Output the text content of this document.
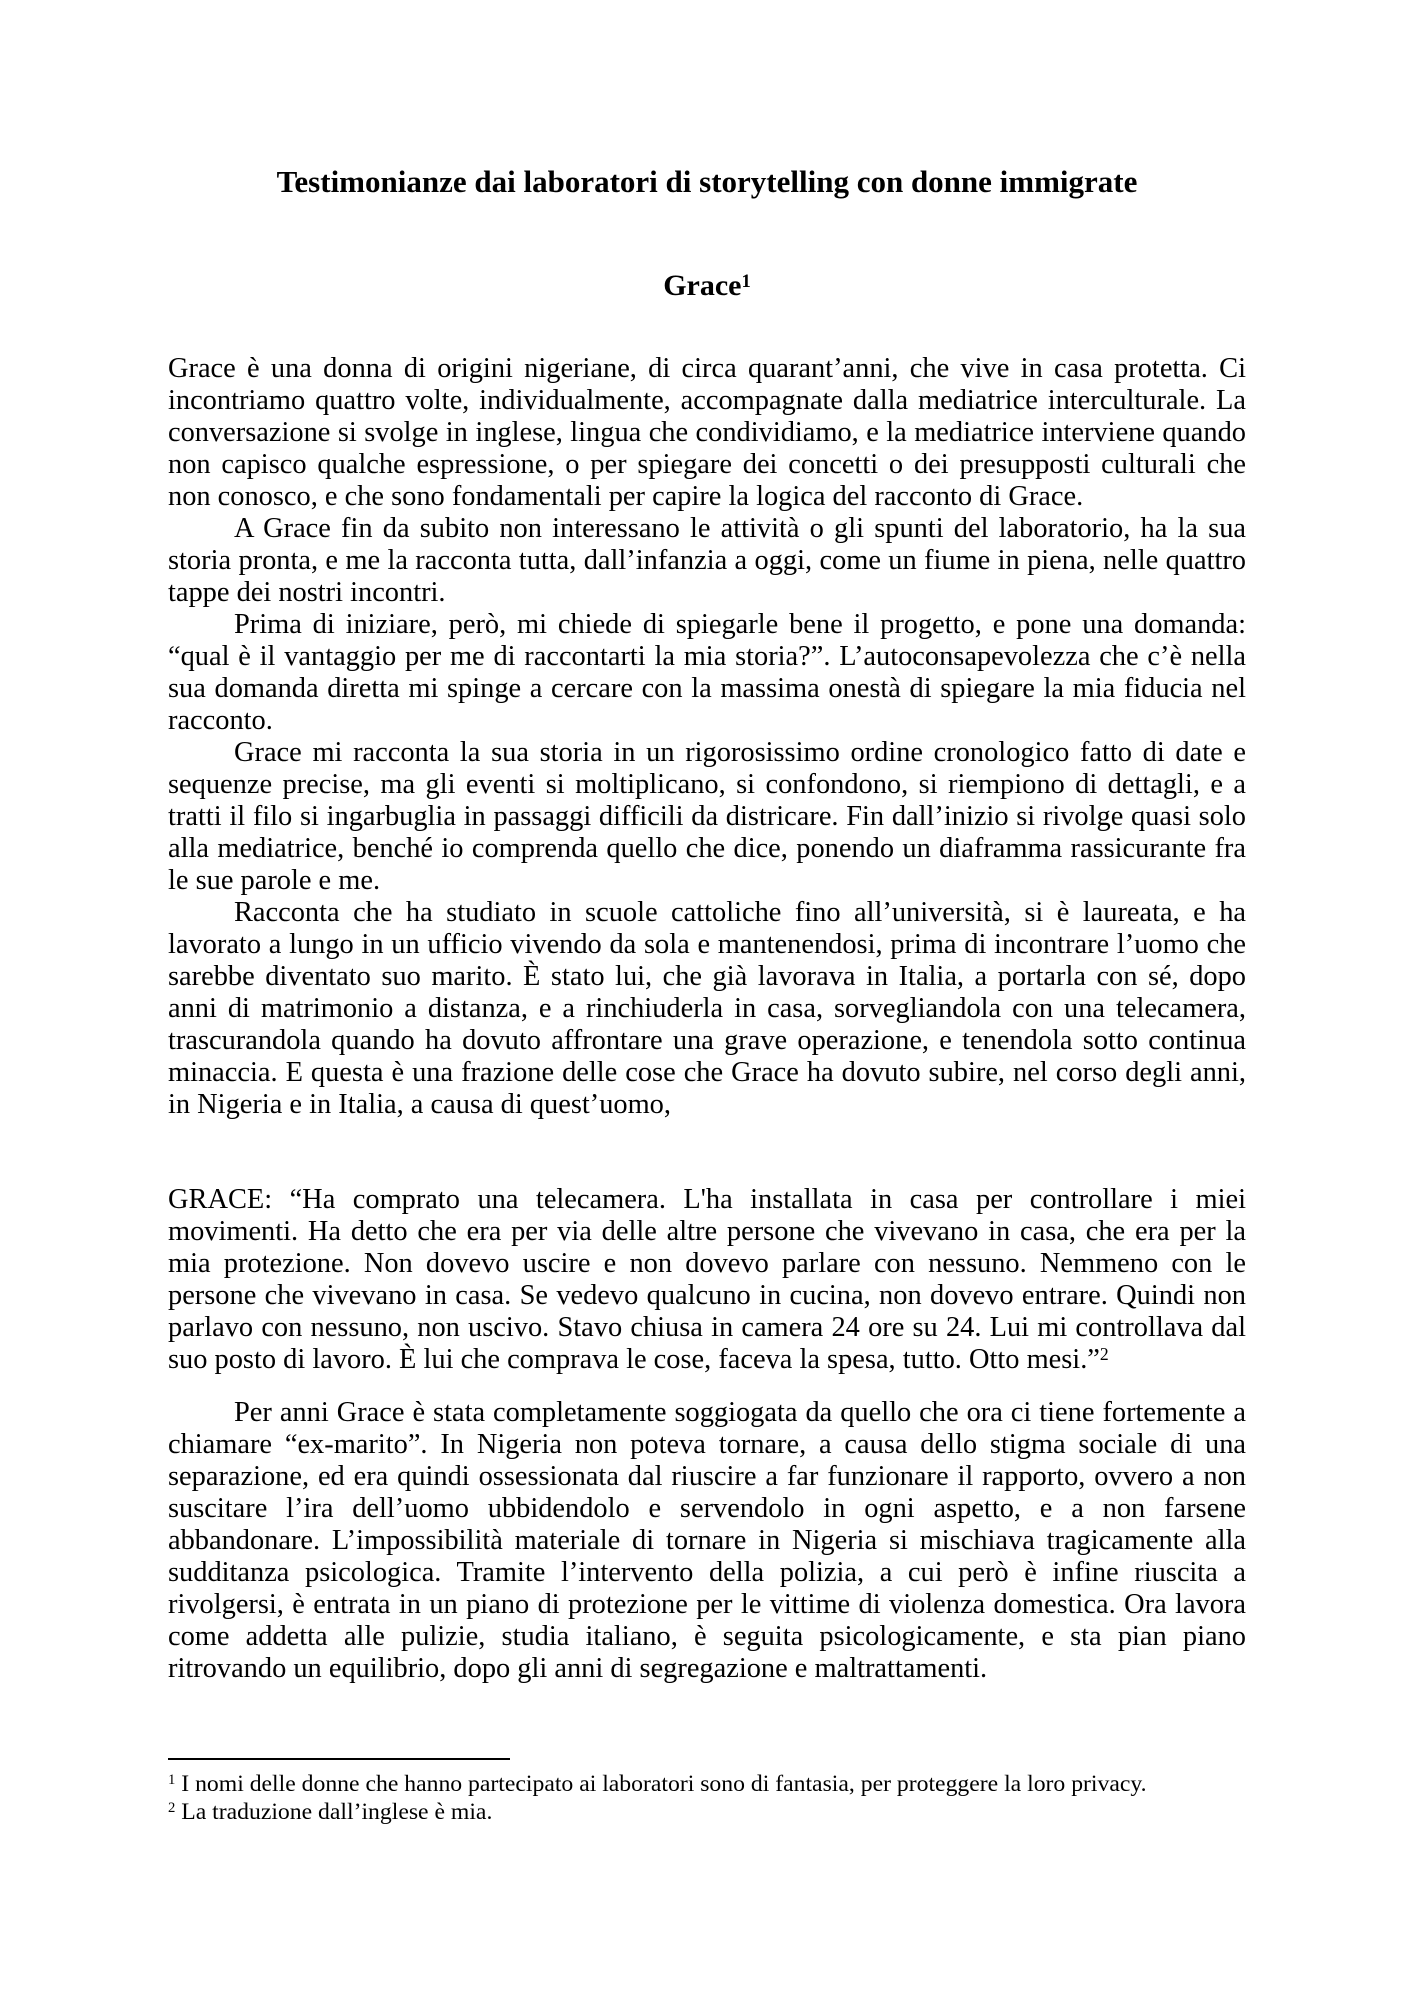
Testimonianze dai laboratori di storytelling con donne immigrate
Grace$^1$

Grace è una donna di origini nigeriane, di circa quarant’anni, che vive in casa protetta. Ci incontriamo quattro volte, individualmente, accompagnate dalla mediatrice interculturale. La conversazione si svolge in inglese, lingua che condividiamo, e la mediatrice interviene quando non capisco qualche espressione, o per spiegare dei concetti o dei presupposti culturali che non conosco, e che sono fondamentali per capire la logica del racconto di Grace.

A Grace fin da subito non interessano le attività o gli spunti del laboratorio, ha la sua storia pronta, e me la racconta tutta, dall’infanzia a oggi, come un fiume in piena, nelle quattro tappe dei nostri incontri.

Prima di iniziare, però, mi chiede di spiegarle bene il progetto, e pone una domanda: “qual è il vantaggio per me di raccontarti la mia storia?”. L’autoconsapevolezza che c’è nella sua domanda diretta mi spinge a cercare con la massima onestà di spiegare la mia fiducia nel racconto.

Grace mi racconta la sua storia in un rigorosissimo ordine cronologico fatto di date e sequenze precise, ma gli eventi si moltiplicano, si confondono, si riempiono di dettagli, e a tratti il filo si ingarbuglia in passaggi difficili da districare. Fin dall’inizio si rivolge quasi solo alla mediatrice, benché io comprenda quello che dice, ponendo un diaframma rassicurante fra le sue parole e me.

Racconta che ha studiato in scuole cattoliche fino all’università, si è laureata, e ha lavorato a lungo in un ufficio vivendo da sola e mantenendosi, prima di incontrare l’uomo che sarebbe diventato suo marito. È stato lui, che già lavorava in Italia, a portarla con sé, dopo anni di matrimonio a distanza, e a rinchiuderla in casa, sorvegliandola con una telecamera, trascurandola quando ha dovuto affrontare una grave operazione, e tenendola sotto continua minaccia. E questa è una frazione delle cose che Grace ha dovuto subire, nel corso degli anni, in Nigeria e in Italia, a causa di quest’uomo,

GRACE: “Ha comprato una telecamera. L'ha installata in casa per controllare i miei movimenti. Ha detto che era per via delle altre persone che vivevano in casa, che era per la mia protezione. Non dovevo uscire e non dovevo parlare con nessuno. Nemmeno con le persone che vivevano in casa. Se vedevo qualcuno in cucina, non dovevo entrare. Quindi non parlavo con nessuno, non uscivo. Stavo chiusa in camera 24 ore su 24. Lui mi controllava dal suo posto di lavoro. È lui che comprava le cose, faceva la spesa, tutto. Otto mesi.”$^2$

Per anni Grace è stata completamente soggiogata da quello che ora ci tiene fortemente a chiamare “ex-marito”. In Nigeria non poteva tornare, a causa dello stigma sociale di una separazione, ed era quindi ossessionata dal riuscire a far funzionare il rapporto, ovvero a non suscitare l’ira dell’uomo ubbidendolo e servendolo in ogni aspetto, e a non farsene abbandonare. L’impossibilità materiale di tornare in Nigeria si mischiava tragicamente alla sudditanza psicologica. Tramite l’intervento della polizia, a cui però è infine riuscita a rivolgersi, è entrata in un piano di protezione per le vittime di violenza domestica. Ora lavora come addetta alle pulizie, studia italiano, è seguita psicologicamente, e sta pian piano ritrovando un equilibrio, dopo gli anni di segregazione e maltrattamenti.

$^1$ I nomi delle donne che hanno partecipato ai laboratori sono di fantasia, per proteggere la loro privacy.

$^2$ La traduzione dall’inglese è mia.
